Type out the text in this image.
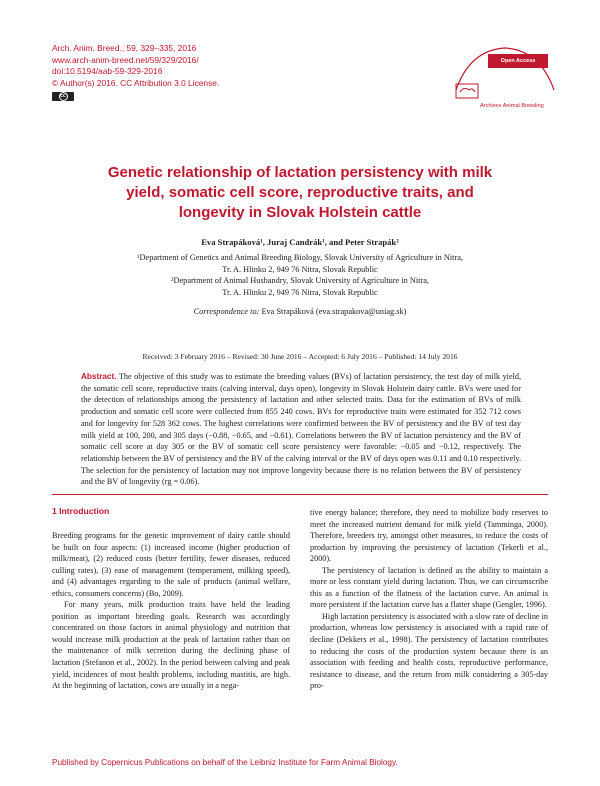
Arch. Anim. Breed., 59, 329–335, 2016
www.arch-anim-breed.net/59/329/2016/
doi:10.5194/aab-59-329-2016
© Author(s) 2016. CC Attribution 3.0 License.
cc
Open Access
Archives Animal Breeding
Genetic relationship of lactation persistency with milk
yield, somatic cell score, reproductive traits, and
longevity in Slovak Holstein cattle
Eva Strapáková¹, Juraj Candrák¹, and Peter Strapák²
¹Department of Genetics and Animal Breeding Biology, Slovak University of Agriculture in Nitra,
Tr. A. Hlinku 2, 949 76 Nitra, Slovak Republic
²Department of Animal Husbandry, Slovak University of Agriculture in Nitra,
Tr. A. Hlinku 2, 949 76 Nitra, Slovak Republic
Correspondence to: Eva Strapáková (eva.strapakova@uniag.sk)
Received: 3 February 2016 – Revised: 30 June 2016 – Accepted: 6 July 2016 – Published: 14 July 2016
Abstract. The objective of this study was to estimate the breeding values (BVs) of lactation persistency, the test day of milk yield, the somatic cell score, reproductive traits (calving interval, days open), longevity in Slovak Holstein dairy cattle. BVs were used for the detection of relationships among the persistency of lactation and other selected traits. Data for the estimation of BVs of milk production and somatic cell score were collected from 855 240 cows. BVs for reproductive traits were estimated for 352 712 cows and for longevity for 528 362 cows. The highest correlations were confirmed between the BV of persistency and the BV of test day milk yield at 100, 200, and 305 days (−0.88, −0.65, and −0.61). Correlations between the BV of lactation persistency and the BV of somatic cell score at day 305 or the BV of somatic cell score persistency were favorable: −0.05 and −0.12, respectively. The relationship between the BV of persistency and the BV of the calving interval or the BV of days open was 0.11 and 0.10 respectively. The selection for the persistency of lactation may not improve longevity because there is no relation between the BV of persistency and the BV of longevity (rg = 0.06).
1 Introduction

Breeding programs for the genetic improvement of dairy cattle should be built on four aspects: (1) increased income (higher production of milk/meat), (2) reduced costs (better fertility, fewer diseases, reduced culling rates), (3) ease of management (temperament, milking speed), and (4) advantages regarding to the sale of products (animal welfare, ethics, consumers concerns) (Bo, 2009).

For many years, milk production traits have held the leading position as important breeding goals. Research was accordingly concentrated on those factors in animal physiology and nutrition that would increase milk production at the peak of lactation rather than on the maintenance of milk secretion during the declining phase of lactation (Stefanon et al., 2002). In the period between calving and peak yield, incidences of most health problems, including mastitis, are high. At the beginning of lactation, cows are usually in a nega-

tive energy balance; therefore, they need to mobilize body reserves to meet the increased nutrient demand for milk yield (Tamminga, 2000). Therefore, breeders try, amongst other measures, to reduce the costs of production by improving the persistency of lactation (Tekerli et al., 2000).

The persistency of lactation is defined as the ability to maintain a more or less constant yield during lactation. Thus, we can circumscribe this as a function of the flatness of the lactation curve. An animal is more persistent if the lactation curve has a flatter shape (Gengler, 1996).

High lactation persistency is associated with a slow rate of decline in production, whereas low persistency is associated with a rapid rate of decline (Dekkers et al., 1998). The persistency of lactation contributes to reducing the costs of the production system because there is an association with feeding and health costs, reproductive performance, resistance to disease, and the return from milk considering a 305-day pro-

Published by Copernicus Publications on behalf of the Leibniz Institute for Farm Animal Biology.
